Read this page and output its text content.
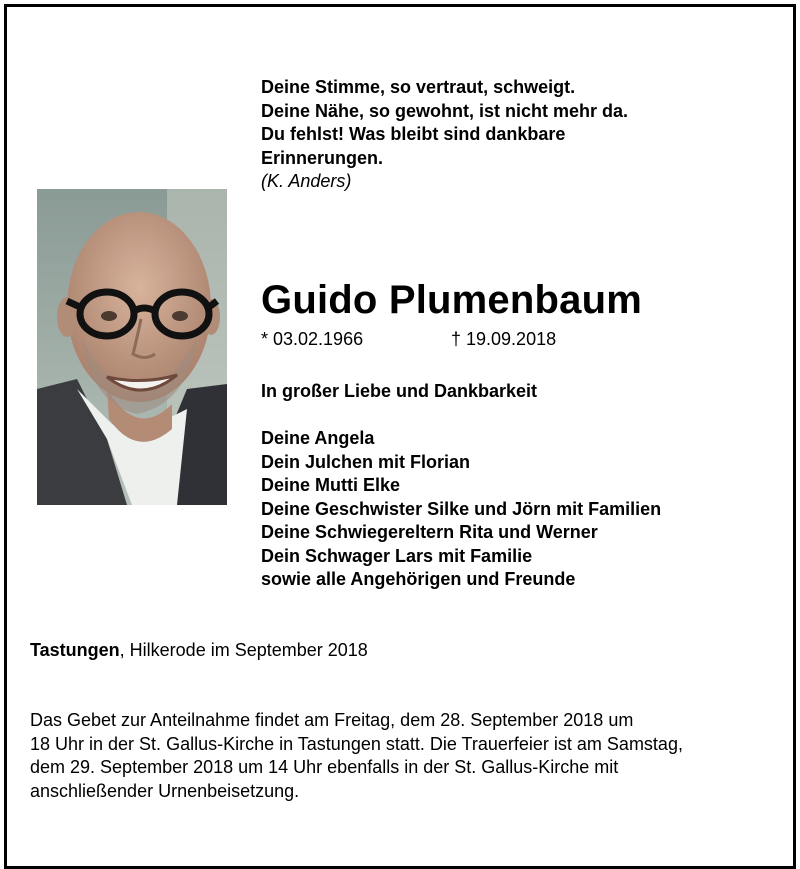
Deine Stimme, so vertraut, schweigt.
Deine Nähe, so gewohnt, ist nicht mehr da.
Du fehlst! Was bleibt sind dankbare
Erinnerungen.
(K. Anders)
Guido Plumenbaum
* 03.02.1966	† 19.09.2018
In großer Liebe und Dankbarkeit
Deine Angela
Dein Julchen mit Florian
Deine Mutti Elke
Deine Geschwister Silke und Jörn mit Familien
Deine Schwiegereltern Rita und Werner
Dein Schwager Lars mit Familie
sowie alle Angehörigen und Freunde
Tastungen, Hilkerode im September 2018
Das Gebet zur Anteilnahme findet am Freitag, dem 28. September 2018 um
18 Uhr in der St. Gallus-Kirche in Tastungen statt. Die Trauerfeier ist am Samstag,
dem 29. September 2018 um 14 Uhr ebenfalls in der St. Gallus-Kirche mit
anschließender Urnenbeisetzung.
